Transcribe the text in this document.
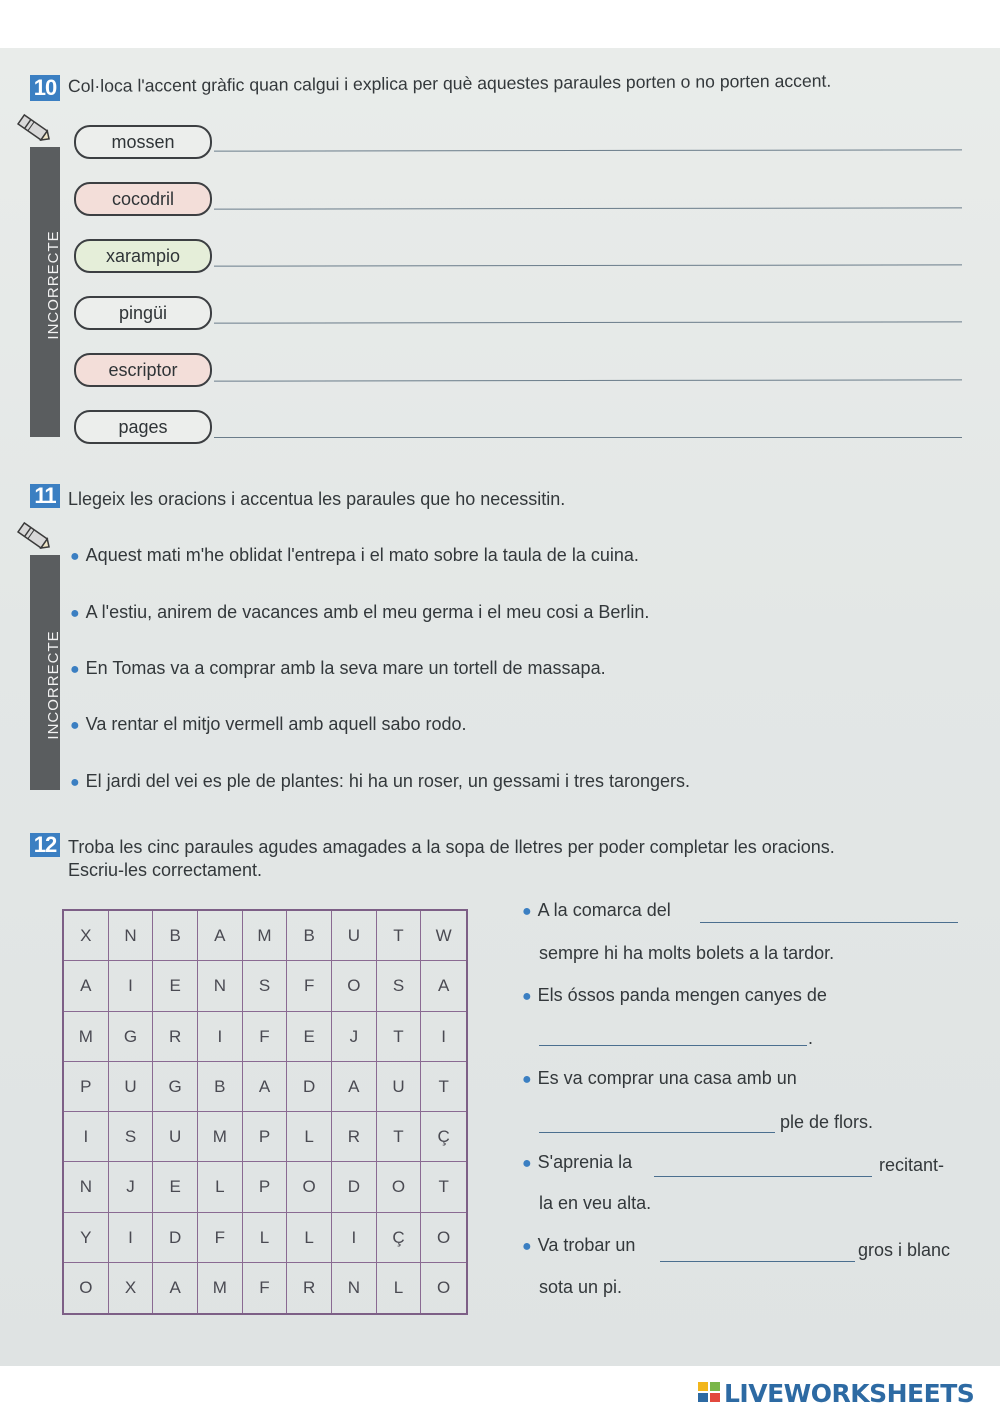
10 Col·loca l'accent gràfic quan calgui i explica per què aquestes paraules porten o no porten accent.
INCORRECTE
mossen
cocodril
xarampio
pingüi
escriptor
pages
11 Llegeix les oracions i accentua les paraules que ho necessitin.
INCORRECTE
● Aquest mati m'he oblidat l'entrepa i el mato sobre la taula de la cuina.
● A l'estiu, anirem de vacances amb el meu germa i el meu cosi a Berlin.
● En Tomas va a comprar amb la seva mare un tortell de massapa.
● Va rentar el mitjo vermell amb aquell sabo rodo.
● El jardi del vei es ple de plantes: hi ha un roser, un gessami i tres tarongers.
12 Troba les cinc paraules agudes amagades a la sopa de lletres per poder completar les oracions.
Escriu-les correctament.
X	N	B	A	M	B	U	T	W
A	I	E	N	S	F	O	S	A
M	G	R	I	F	E	J	T	I
P	U	G	B	A	D	A	U	T
I	S	U	M	P	L	R	T	Ç
N	J	E	L	P	O	D	O	T
Y	I	D	F	L	L	I	Ç	O
O	X	A	M	F	R	N	L	O
● A la comarca del
sempre hi ha molts bolets a la tardor.
● Els óssos panda mengen canyes de
.
● Es va comprar una casa amb un
ple de flors.
● S'aprenia la	recitant-
la en veu alta.
● Va trobar un	gros i blanc
sota un pi.
LIVEWORKSHEETS
